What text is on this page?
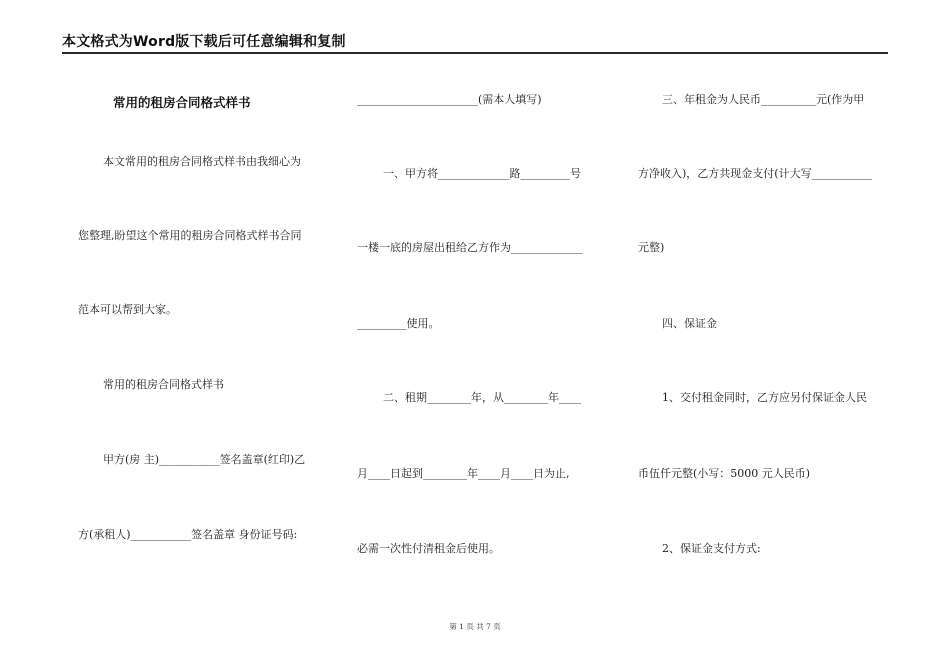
本文格式为Word版下载后可任意编辑和复制
常用的租房合同格式样书
本文常用的租房合同格式样书由我细心为
您整理,盼望这个常用的租房合同格式样书合同
范本可以帮到大家。
常用的租房合同格式样书
甲方(房 主)___________签名盖章(红印)乙
方(承租人)___________签名盖章 身份证号码:
______________________(需本人填写)
一、甲方将_____________路_________号
一楼一底的房屋出租给乙方作为_____________
_________使用。
二、租期________年，从________年____
月____日起到________年____月____日为止,
必需一次性付清租金后使用。
三、年租金为人民币__________元(作为甲
方净收入)，乙方共现金支付(计大写___________
元整)
四、保证金
1、交付租金同时，乙方应另付保证金人民
币伍仟元整(小写：5000 元人民币)
2、保证金支付方式:
第 1 页 共 7 页
